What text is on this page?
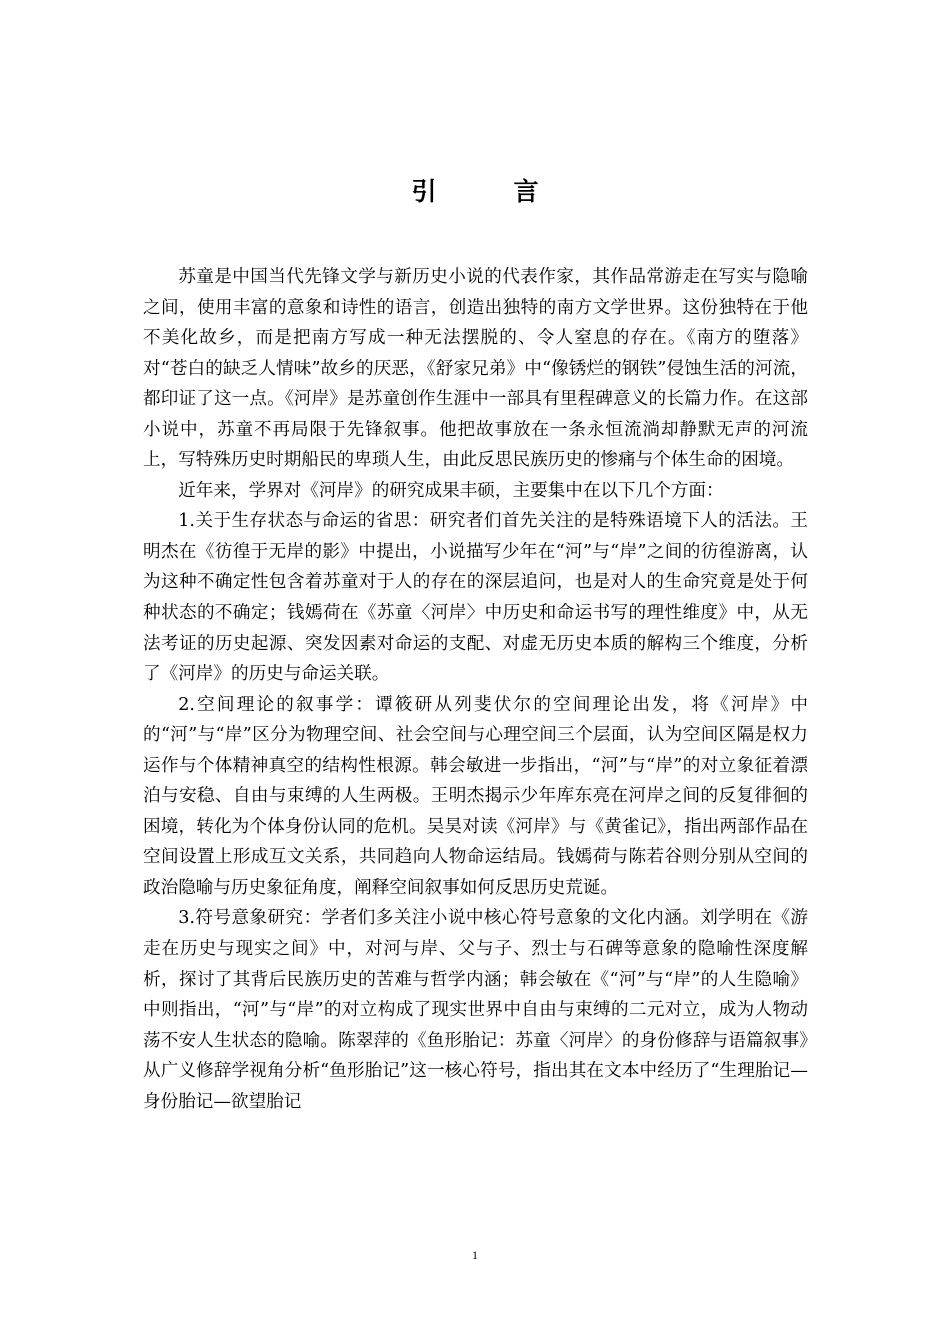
引　言

苏童是中国当代先锋文学与新历史小说的代表作家，其作品常游走在写实与隐喻之间，使用丰富的意象和诗性的语言，创造出独特的南方文学世界。这份独特在于他不美化故乡，而是把南方写成一种无法摆脱的、令人窒息的存在。《南方的堕落》对“苍白的缺乏人情味”故乡的厌恶，《舒家兄弟》中“像锈烂的钢铁”侵蚀生活的河流，都印证了这一点。《河岸》是苏童创作生涯中一部具有里程碑意义的长篇力作。在这部小说中，苏童不再局限于先锋叙事。他把故事放在一条永恒流淌却静默无声的河流上，写特殊历史时期船民的卑琐人生，由此反思民族历史的惨痛与个体生命的困境。

近年来，学界对《河岸》的研究成果丰硕，主要集中在以下几个方面：

1.关于生存状态与命运的省思：研究者们首先关注的是特殊语境下人的活法。王明杰在《彷徨于无岸的影》中提出，小说描写少年在“河”与“岸”之间的彷徨游离，认为这种不确定性包含着苏童对于人的存在的深层追问，也是对人的生命究竟是处于何种状态的不确定；钱嫣荷在《苏童〈河岸〉中历史和命运书写的理性维度》中，从无法考证的历史起源、突发因素对命运的支配、对虚无历史本质的解构三个维度，分析了《河岸》的历史与命运关联。

2.空间理论的叙事学：谭筱研从列斐伏尔的空间理论出发，将《河岸》中的“河”与“岸”区分为物理空间、社会空间与心理空间三个层面，认为空间区隔是权力运作与个体精神真空的结构性根源。韩会敏进一步指出，“河”与“岸”的对立象征着漂泊与安稳、自由与束缚的人生两极。王明杰揭示少年库东亮在河岸之间的反复徘徊的困境，转化为个体身份认同的危机。吴昊对读《河岸》与《黄雀记》，指出两部作品在空间设置上形成互文关系，共同趋向人物命运结局。钱嫣荷与陈若谷则分别从空间的政治隐喻与历史象征角度，阐释空间叙事如何反思历史荒诞。

3.符号意象研究：学者们多关注小说中核心符号意象的文化内涵。刘学明在《游走在历史与现实之间》中，对河与岸、父与子、烈士与石碑等意象的隐喻性深度解析，探讨了其背后民族历史的苦难与哲学内涵；韩会敏在《“河”与“岸”的人生隐喻》中则指出，“河”与“岸”的对立构成了现实世界中自由与束缚的二元对立，成为人物动荡不安人生状态的隐喻。陈翠萍的《鱼形胎记：苏童〈河岸〉的身份修辞与语篇叙事》从广义修辞学视角分析“鱼形胎记”这一核心符号，指出其在文本中经历了“生理胎记—身份胎记—欲望胎记

1
